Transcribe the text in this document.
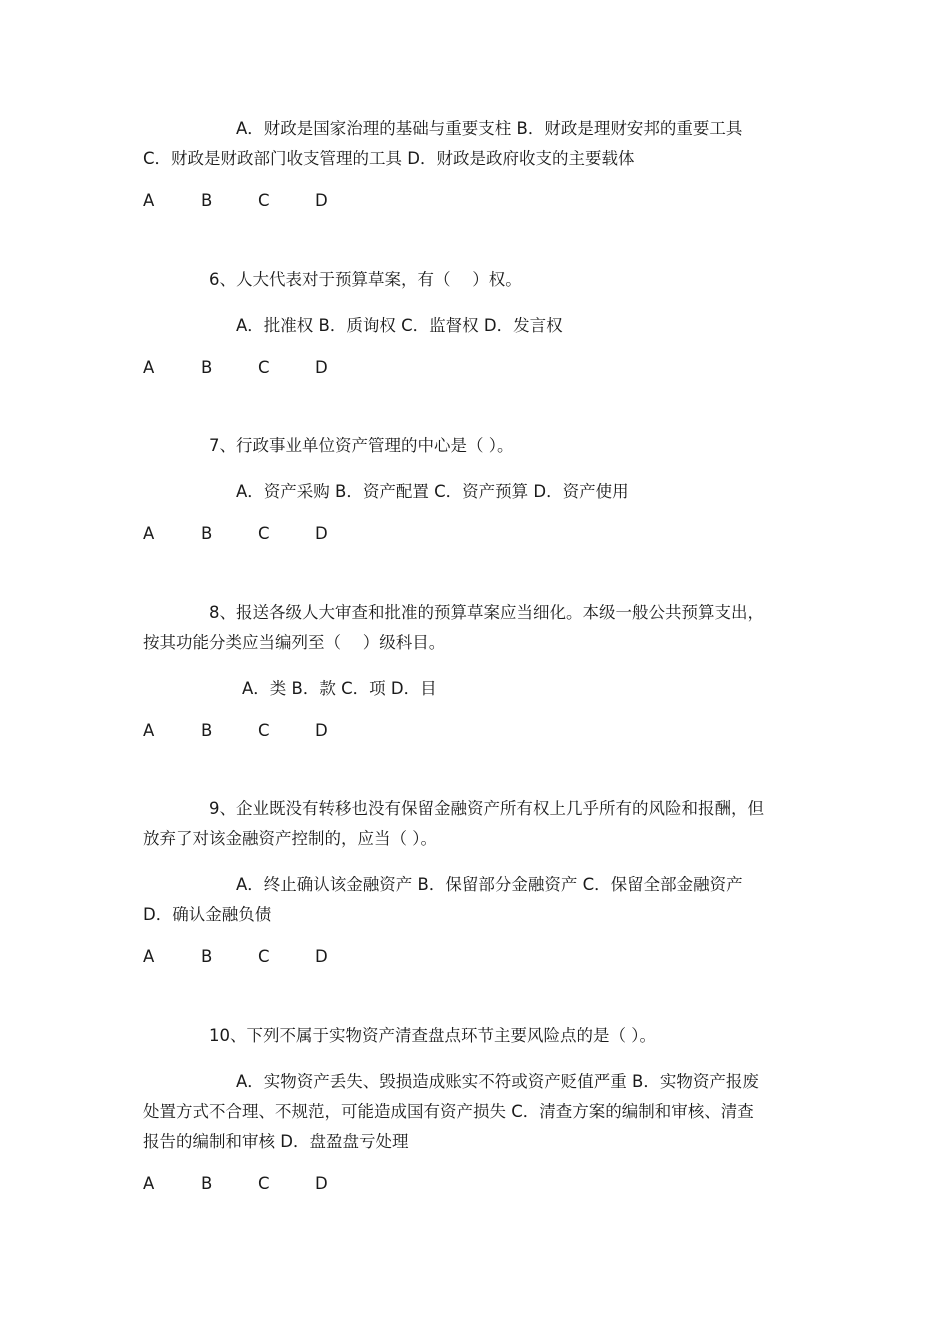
A．财政是国家治理的基础与重要支柱 B．财政是理财安邦的重要工具
C．财政是财政部门收支管理的工具 D．财政是政府收支的主要载体
A	B	C	D
6、人大代表对于预算草案，有（　 ）权。
A．批准权 B．质询权 C．监督权 D．发言权
A	B	C	D
7、行政事业单位资产管理的中心是（ ）。
A．资产采购 B．资产配置 C．资产预算 D．资产使用
A	B	C	D
8、报送各级人大审查和批准的预算草案应当细化。本级一般公共预算支出，
按其功能分类应当编列至（　 ）级科目。
A．类 B．款 C．项 D．目
A	B	C	D
9、企业既没有转移也没有保留金融资产所有权上几乎所有的风险和报酬，但
放弃了对该金融资产控制的，应当（ ）。
A．终止确认该金融资产 B．保留部分金融资产 C．保留全部金融资产
D．确认金融负债
A	B	C	D
10、下列不属于实物资产清查盘点环节主要风险点的是（ ）。
A．实物资产丢失、毁损造成账实不符或资产贬值严重 B．实物资产报废
处置方式不合理、不规范，可能造成国有资产损失 C．清查方案的编制和审核、清查
报告的编制和审核 D．盘盈盘亏处理
A	B	C	D
